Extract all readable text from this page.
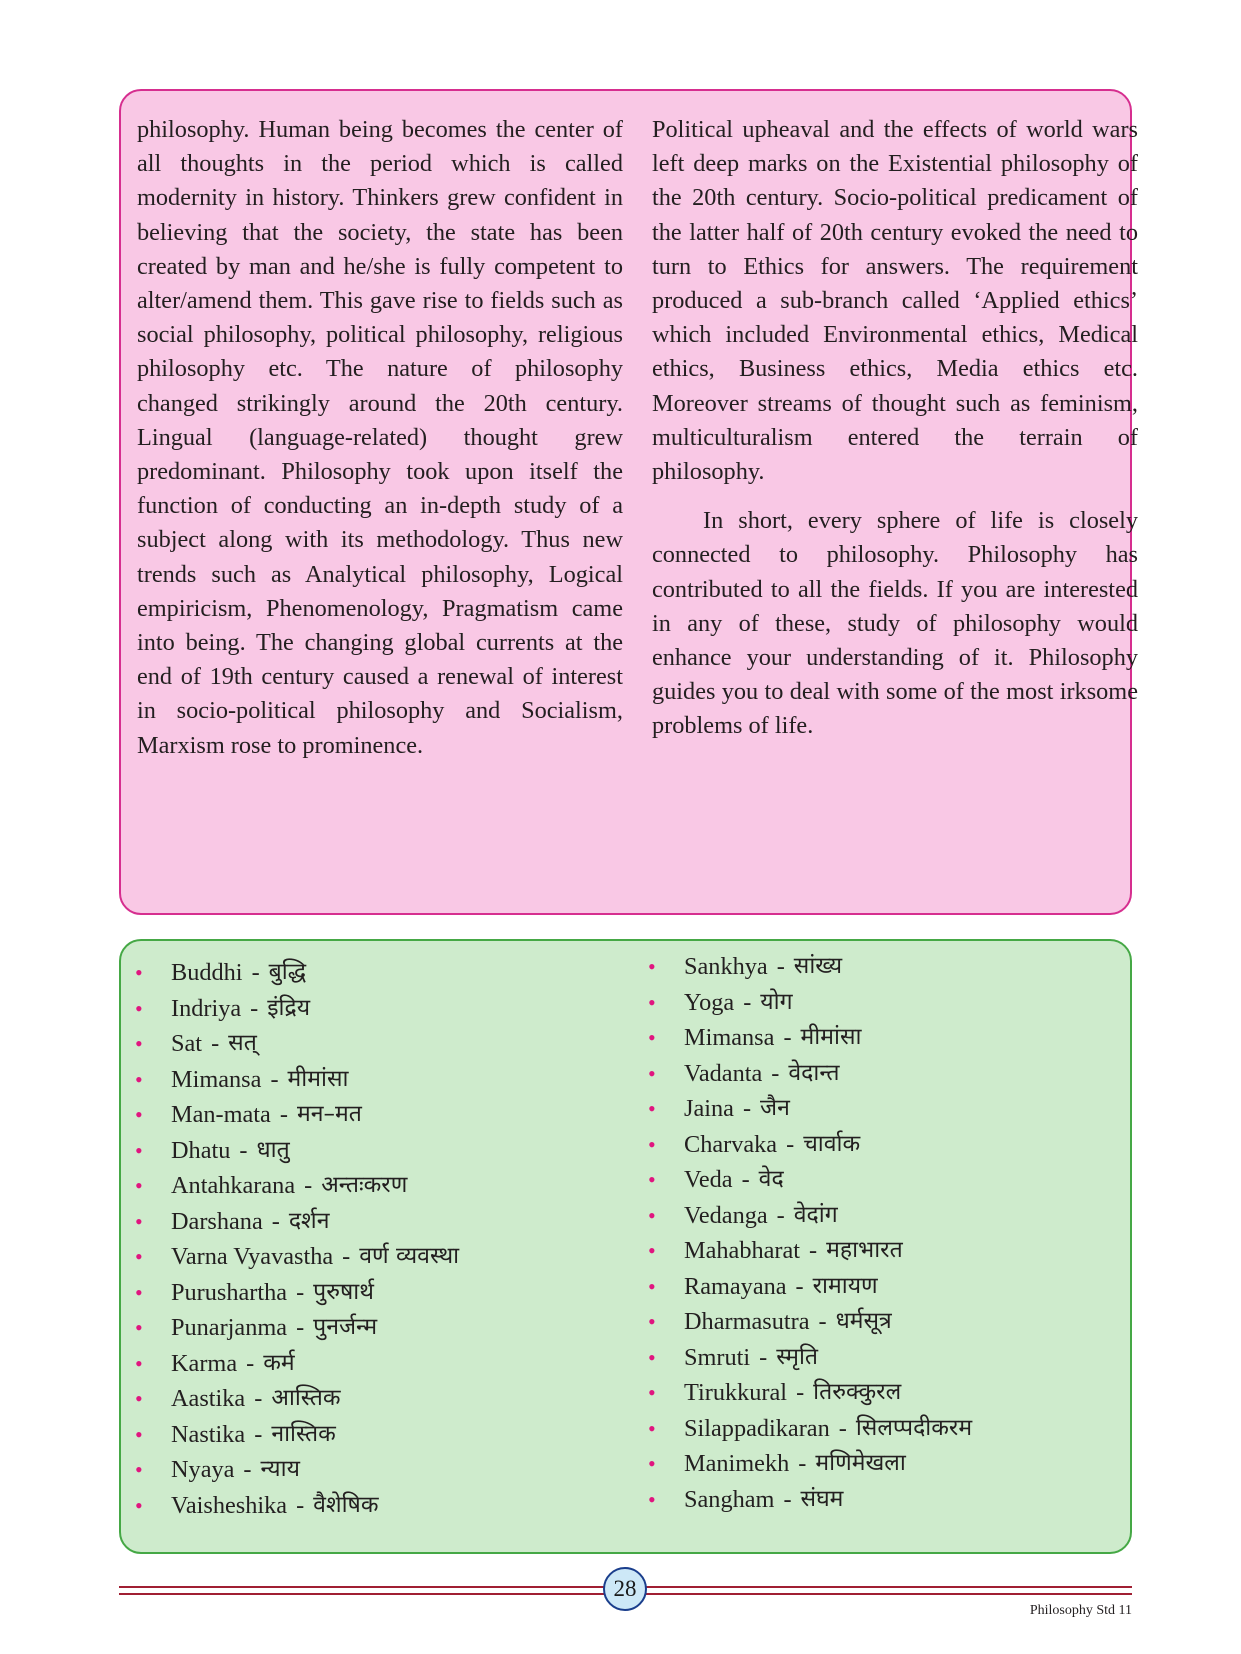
philosophy. Human being becomes the center of all thoughts in the period which is called modernity in history. Thinkers grew confident in believing that the society, the state has been created by man and he/she is fully competent to alter/amend them. This gave rise to fields such as social philosophy, political philosophy, religious philosophy etc. The nature of philosophy changed strikingly around the 20th century. Lingual (language-related) thought grew predominant. Philosophy took upon itself the function of conducting an in-depth study of a subject along with its methodology. Thus new trends such as Analytical philosophy, Logical empiricism, Phenomenology, Pragmatism came into being. The changing global currents at the end of 19th century caused a renewal of interest in socio-political philosophy and Socialism, Marxism rose to prominence.

Political upheaval and the effects of world wars left deep marks on the Existential philosophy of the 20th century. Socio-political predicament of the latter half of 20th century evoked the need to turn to Ethics for answers. The requirement produced a sub-branch called ‘Applied ethics’ which included Environmental ethics, Medical ethics, Business ethics, Media ethics etc. Moreover streams of thought such as feminism, multiculturalism entered the terrain of philosophy.

In short, every sphere of life is closely connected to philosophy. Philosophy has contributed to all the fields. If you are interested in any of these, study of philosophy would enhance your understanding of it. Philosophy guides you to deal with some of the most irksome problems of life.

•	Buddhi - बुद्धि
•	Indriya - इंद्रिय
•	Sat - सत्
•	Mimansa - मीमांसा
•	Man-mata - मन–मत
•	Dhatu - धातु
•	Antahkarana - अन्तःकरण
•	Darshana - दर्शन
•	Varna Vyavastha - वर्ण व्यवस्था
•	Purushartha - पुरुषार्थ
•	Punarjanma - पुनर्जन्म
•	Karma - कर्म
•	Aastika - आस्तिक
•	Nastika - नास्तिक
•	Nyaya - न्याय
•	Vaisheshika - वैशेषिक
•	Sankhya - सांख्य
•	Yoga - योग
•	Mimansa - मीमांसा
•	Vadanta - वेदान्त
•	Jaina - जैन
•	Charvaka - चार्वाक
•	Veda - वेद
•	Vedanga - वेदांग
•	Mahabharat - महाभारत
•	Ramayana - रामायण
•	Dharmasutra - धर्मसूत्र
•	Smruti - स्मृति
•	Tirukkural - तिरुक्कुरल
•	Silappadikaran - सिलप्पदीकरम
•	Manimekh - मणिमेखला
•	Sangham - संघम
28
Philosophy Std 11
